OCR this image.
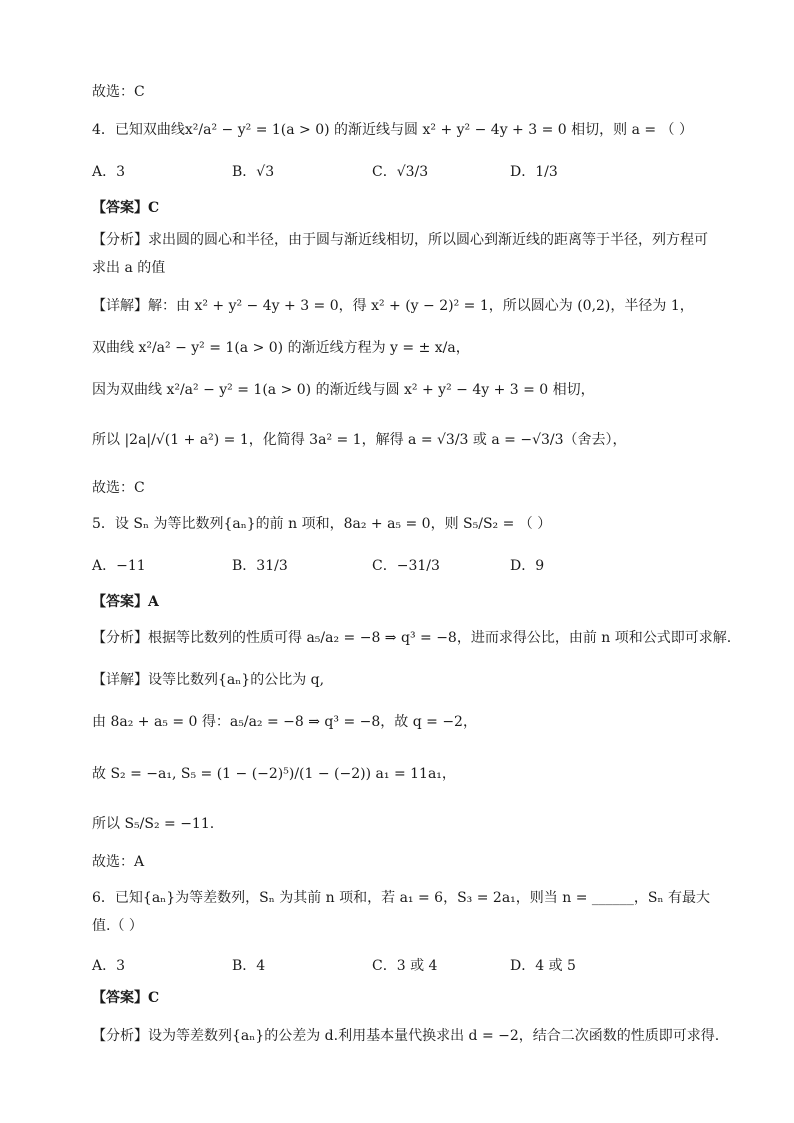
故选：C
4．已知双曲线x²/a² − y² = 1(a > 0) 的渐近线与圆 x² + y² − 4y + 3 = 0 相切，则 a = （ ）
A．3	B．√3	C．√3/3	D．1/3
【答案】C
【分析】求出圆的圆心和半径，由于圆与渐近线相切，所以圆心到渐近线的距离等于半径，列方程可求出 a 的值
【详解】解：由 x² + y² − 4y + 3 = 0，得 x² + (y − 2)² = 1，所以圆心为 (0,2)，半径为 1，
双曲线 x²/a² − y² = 1(a > 0) 的渐近线方程为 y = ± x/a，
因为双曲线 x²/a² − y² = 1(a > 0) 的渐近线与圆 x² + y² − 4y + 3 = 0 相切，
所以 |2a|/√(1 + a²) = 1，化简得 3a² = 1，解得 a = √3/3 或 a = −√3/3（舍去），
故选：C
5．设 Sₙ 为等比数列{aₙ}的前 n 项和，8a₂ + a₅ = 0，则 S₅/S₂ = （ ）
A．−11	B．31/3	C．−31/3	D．9
【答案】A
【分析】根据等比数列的性质可得 a₅/a₂ = −8 ⇒ q³ = −8，进而求得公比，由前 n 项和公式即可求解.
【详解】设等比数列{aₙ}的公比为 q,
由 8a₂ + a₅ = 0 得：a₅/a₂ = −8 ⇒ q³ = −8，故 q = −2，
故 S₂ = −a₁, S₅ = (1 − (−2)⁵)/(1 − (−2)) a₁ = 11a₁，
所以 S₅/S₂ = −11.
故选：A
6．已知{aₙ}为等差数列，Sₙ 为其前 n 项和，若 a₁ = 6，S₃ = 2a₁，则当 n = ______，Sₙ 有最大值.（ ）
A．3	B．4	C．3 或 4	D．4 或 5
【答案】C
【分析】设为等差数列{aₙ}的公差为 d.利用基本量代换求出 d = −2，结合二次函数的性质即可求得.
